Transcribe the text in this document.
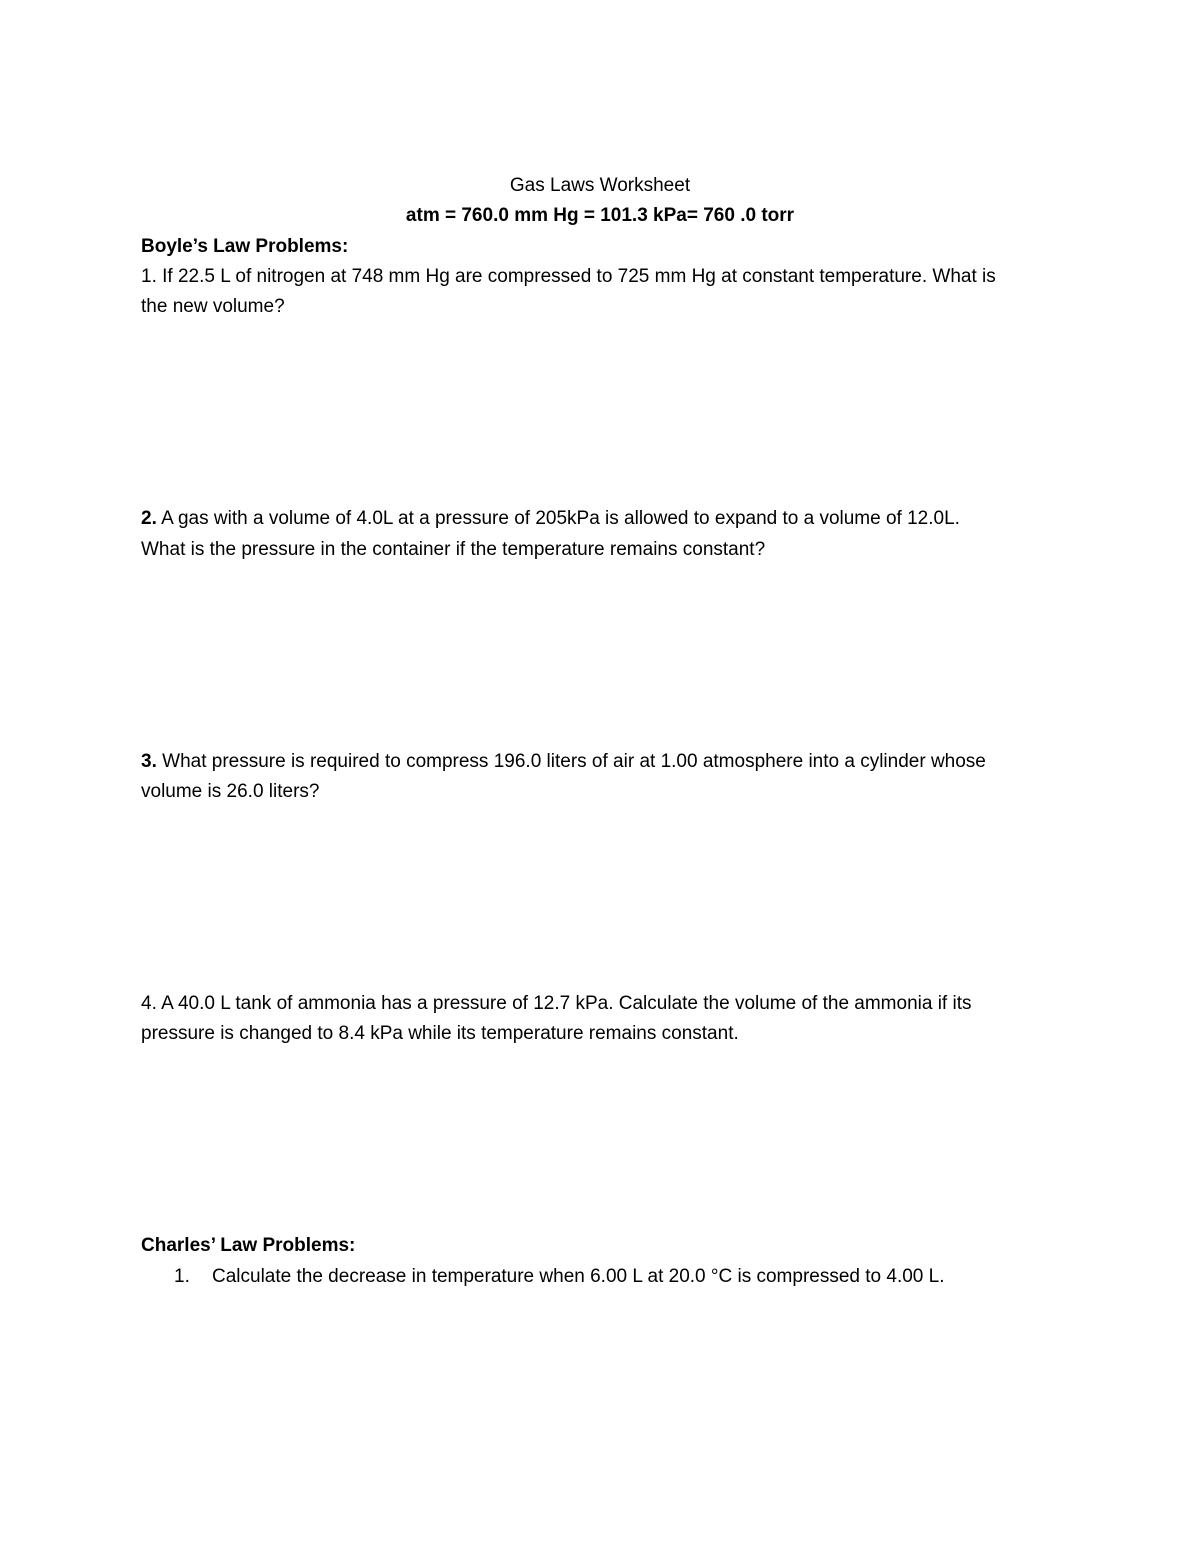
Gas Laws Worksheet
atm = 760.0 mm Hg = 101.3 kPa= 760 .0 torr
Boyle’s Law Problems:
1. If 22.5 L of nitrogen at 748 mm Hg are compressed to 725 mm Hg at constant temperature. What is
the new volume?
2. A gas with a volume of 4.0L at a pressure of 205kPa is allowed to expand to a volume of 12.0L.
What is the pressure in the container if the temperature remains constant?
3. What pressure is required to compress 196.0 liters of air at 1.00 atmosphere into a cylinder whose
volume is 26.0 liters?
4. A 40.0 L tank of ammonia has a pressure of 12.7 kPa. Calculate the volume of the ammonia if its
pressure is changed to 8.4 kPa while its temperature remains constant.
Charles’ Law Problems:
1. Calculate the decrease in temperature when 6.00 L at 20.0 °C is compressed to 4.00 L.
